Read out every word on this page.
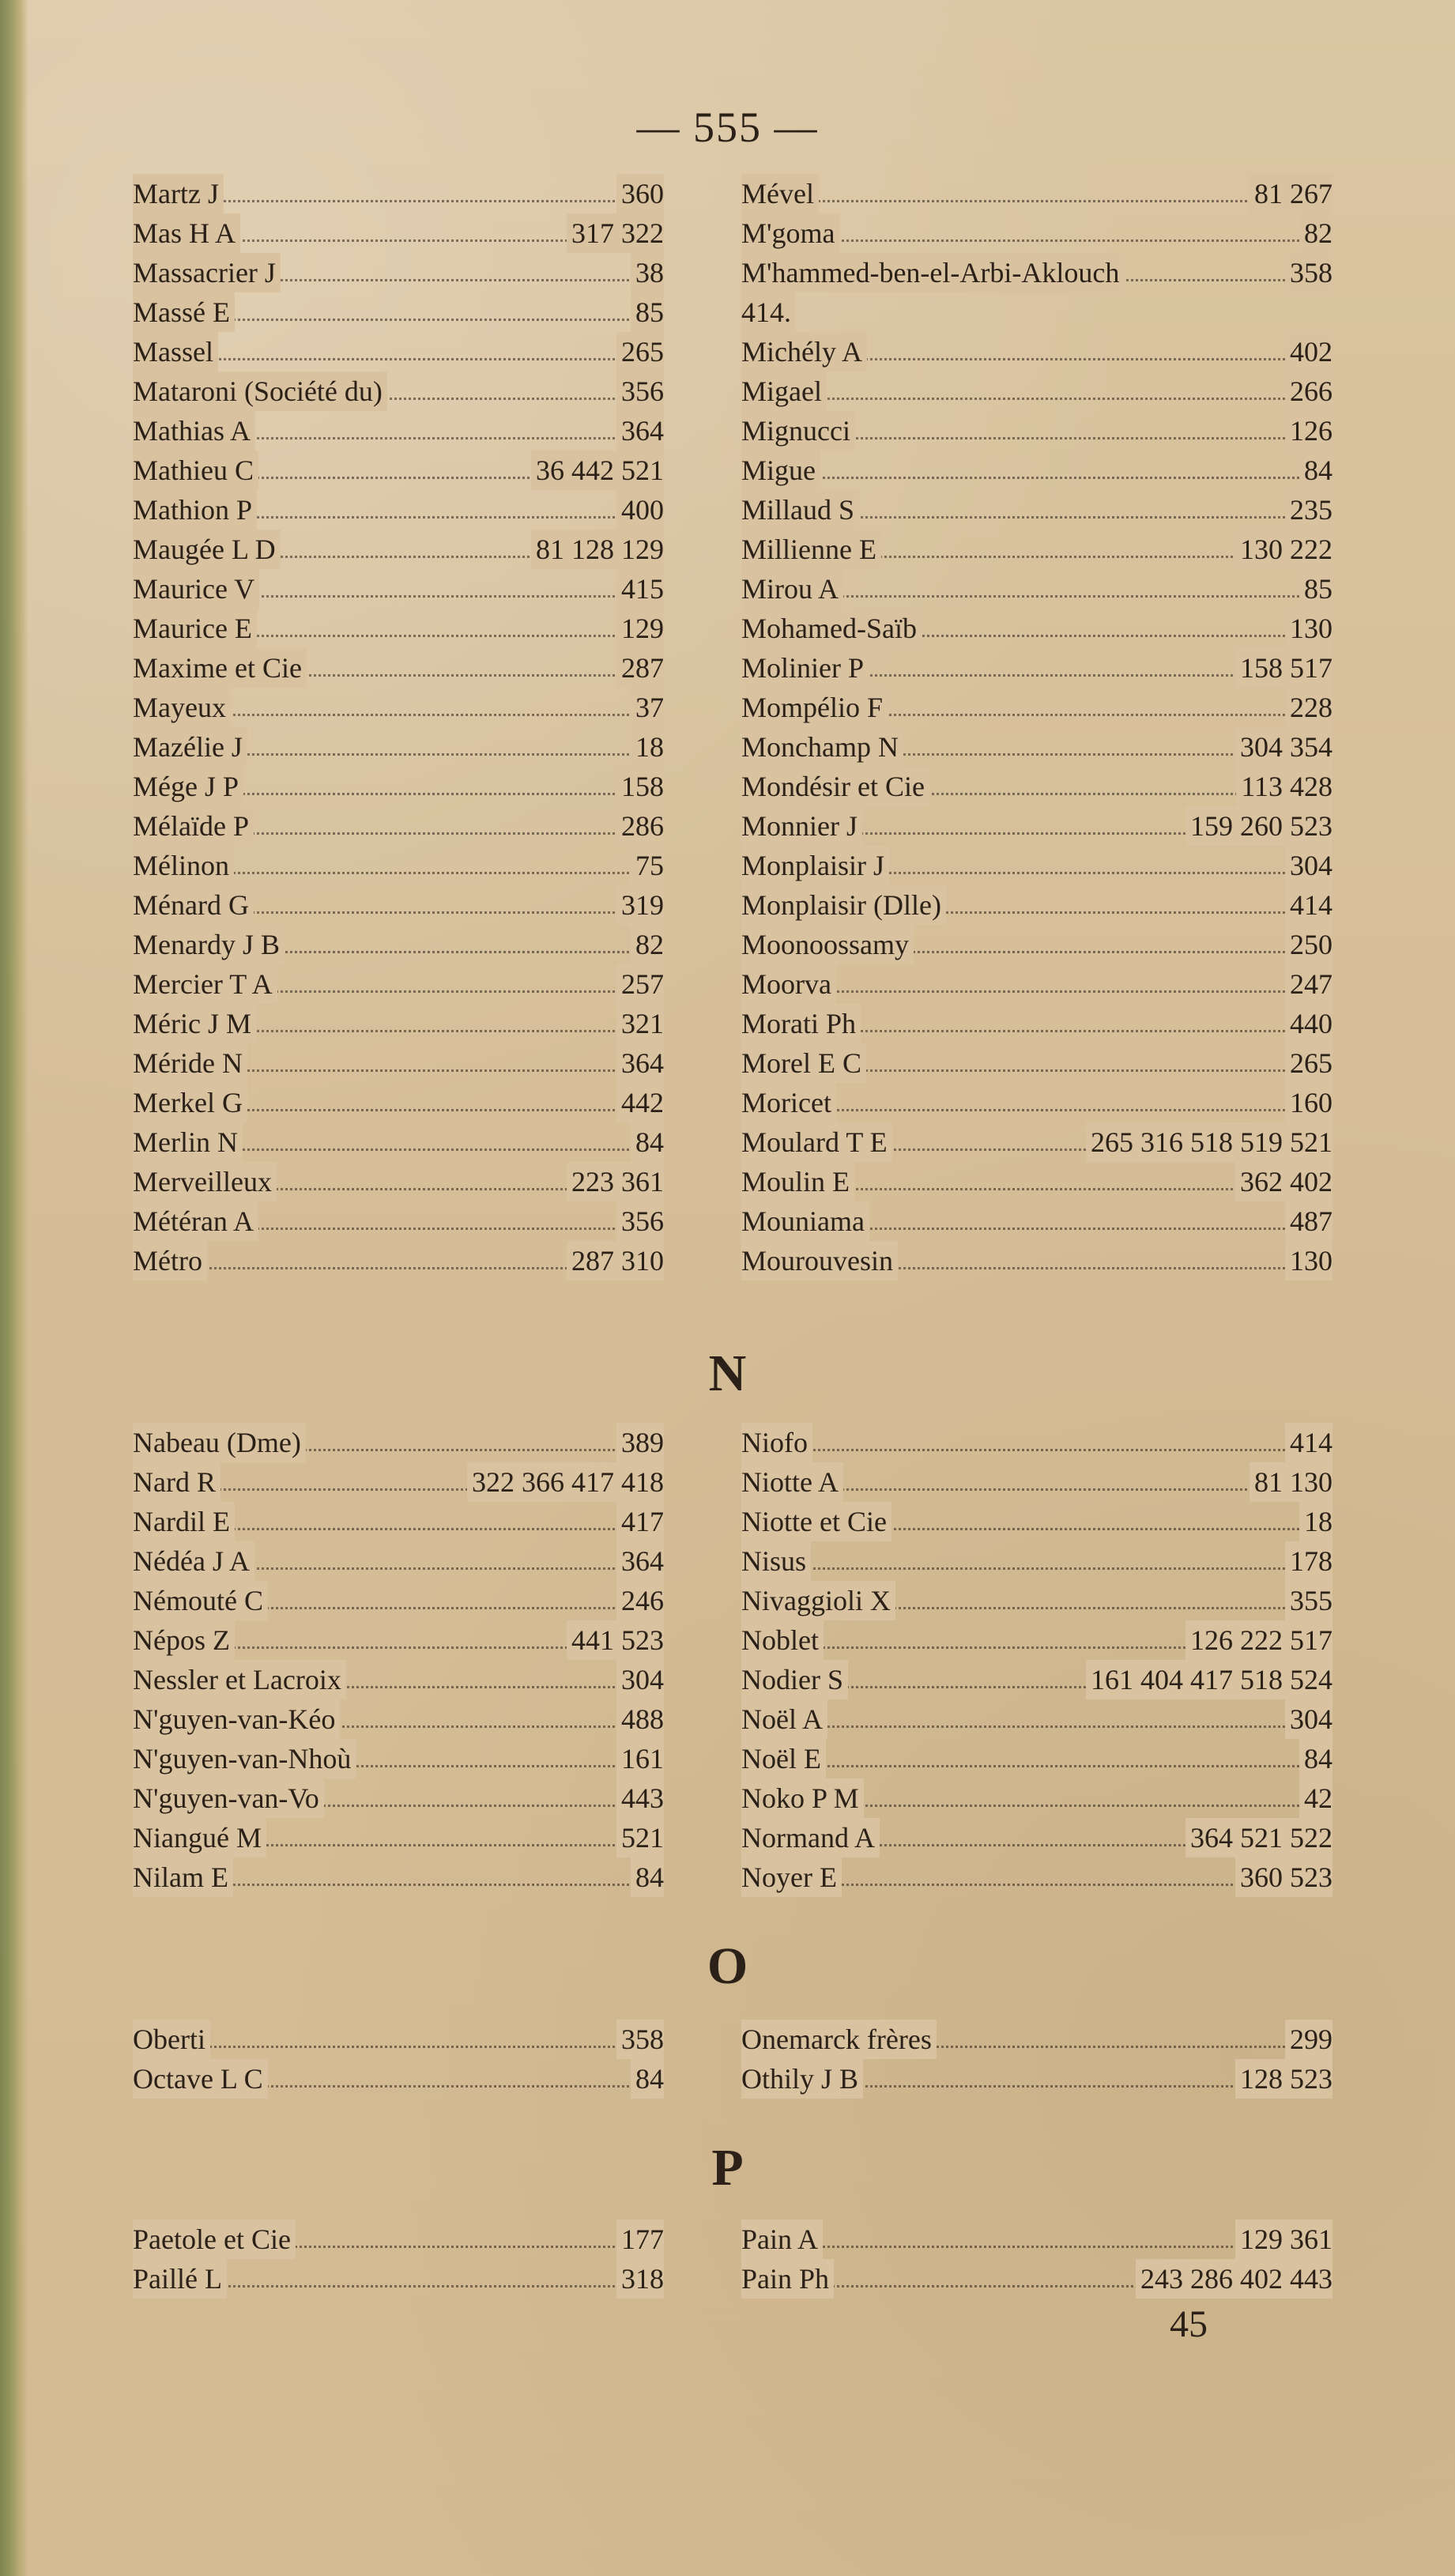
— 555 —
Martz J	360
Mas H A	317 322
Massacrier J	38
Massé E	85
Massel	265
Mataroni (Société du)	356
Mathias A	364
Mathieu C	36 442 521
Mathion P	400
Maugée L D	81 128 129
Maurice V	415
Maurice E	129
Maxime et Cie	287
Mayeux	37
Mazélie J	18
Mége J P	158
Mélaïde P	286
Mélinon	75
Ménard G	319
Menardy J B	82
Mercier T A	257
Méric J M	321
Méride N	364
Merkel G	442
Merlin N	84
Merveilleux	223 361
Météran A	356
Métro	287 310
Mével	81 267
M'goma	82
M'hammed-ben-el-Arbi-Aklouch	358
414.
Michély A	402
Migael	266
Mignucci	126
Migue	84
Millaud S	235
Millienne E	130 222
Mirou A	85
Mohamed-Saïb	130
Molinier P	158 517
Mompélio F	228
Monchamp N	304 354
Mondésir et Cie	113 428
Monnier J	159 260 523
Monplaisir J	304
Monplaisir (Dlle)	414
Moonoossamy	250
Moorva	247
Morati Ph	440
Morel E C	265
Moricet	160
Moulard T E	265 316 518 519 521
Moulin E	362 402
Mouniama	487
Mourouvesin	130
N
Nabeau (Dme)	389
Nard R	322 366 417 418
Nardil E	417
Nédéa J A	364
Némouté C	246
Népos Z	441 523
Nessler et Lacroix	304
N'guyen-van-Kéo	488
N'guyen-van-Nhoù	161
N'guyen-van-Vo	443
Niangué M	521
Nilam E	84
Niofo	414
Niotte A	81 130
Niotte et Cie	18
Nisus	178
Nivaggioli X	355
Noblet	126 222 517
Nodier S	161 404 417 518 524
Noël A	304
Noël E	84
Noko P M	42
Normand A	364 521 522
Noyer E	360 523
O
Oberti	358
Octave L C	84
Onemarck frères	299
Othily J B	128 523
P
Paetole et Cie	177
Paillé L	318
Pain A	129 361
Pain Ph	243 286 402 443
45
